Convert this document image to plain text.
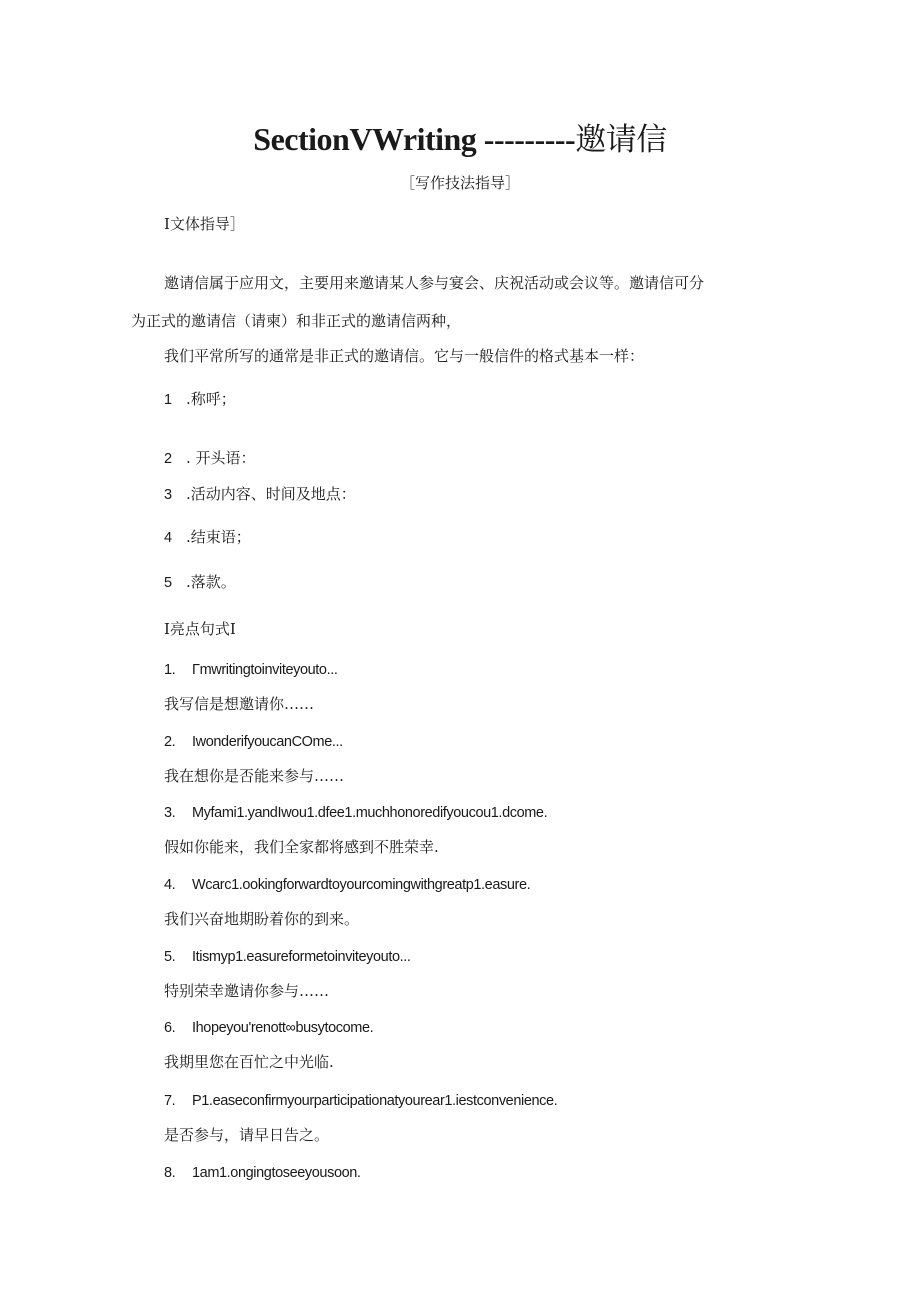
SectionVWriting ---------邀请信
［写作技法指导］
I文体指导］
邀请信属于应用文，主要用来邀请某人参与宴会、庆祝活动或会议等。邀请信可分
为正式的邀请信（请柬）和非正式的邀请信两种，
我们平常所写的通常是非正式的邀请信。它与一般信件的格式基本一样：
1 .称呼；
2 . 开头语：
3 .活动内容、时间及地点：
4 .结束语；
5 .落款。
I亮点句式I
1. Γmwritingtoinviteyouto...
我写信是想邀请你……
2. IwonderifyoucanCOme...
我在想你是否能来参与……
3. Myfami1.yandIwou1.dfee1.muchhonoredifyoucou1.dcome.
假如你能来，我们全家都将感到不胜荣幸.
4. Wcarc1.ookingforwardtoyourcomingwithgreatp1.easure.
我们兴奋地期盼着你的到来。
5. Itismyp1.easureformetoinviteyouto...
特别荣幸邀请你参与……
6. Ihopeyou'renott∞busytocome.
我期里您在百忙之中光临.
7. P1.easeconfirmyourparticipationatyourear1.iestconvenience.
是否参与，请早日告之。
8. 1am1.ongingtoseeyousoon.
